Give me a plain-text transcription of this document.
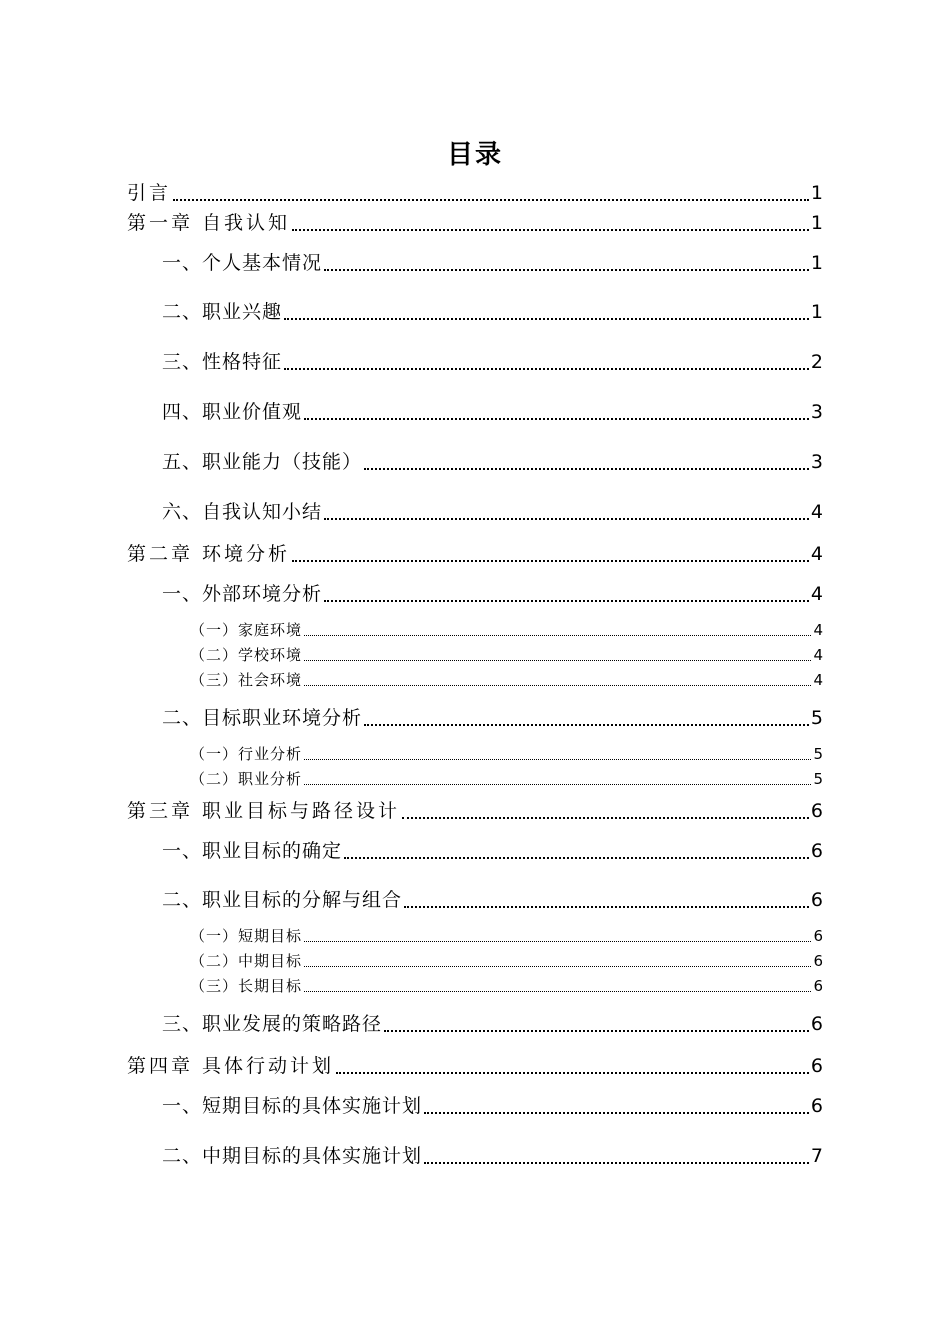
目录
引言	1
第一章 自我认知	1
一、个人基本情况	1
二、职业兴趣	1
三、性格特征	2
四、职业价值观	3
五、职业能力（技能）	3
六、自我认知小结	4
第二章 环境分析	4
一、外部环境分析	4
（一）家庭环境	4
（二）学校环境	4
（三）社会环境	4
二、目标职业环境分析	5
（一）行业分析	5
（二）职业分析	5
第三章 职业目标与路径设计	6
一、职业目标的确定	6
二、职业目标的分解与组合	6
（一）短期目标	6
（二）中期目标	6
（三）长期目标	6
三、职业发展的策略路径	6
第四章 具体行动计划	6
一、短期目标的具体实施计划	6
二、中期目标的具体实施计划	7
